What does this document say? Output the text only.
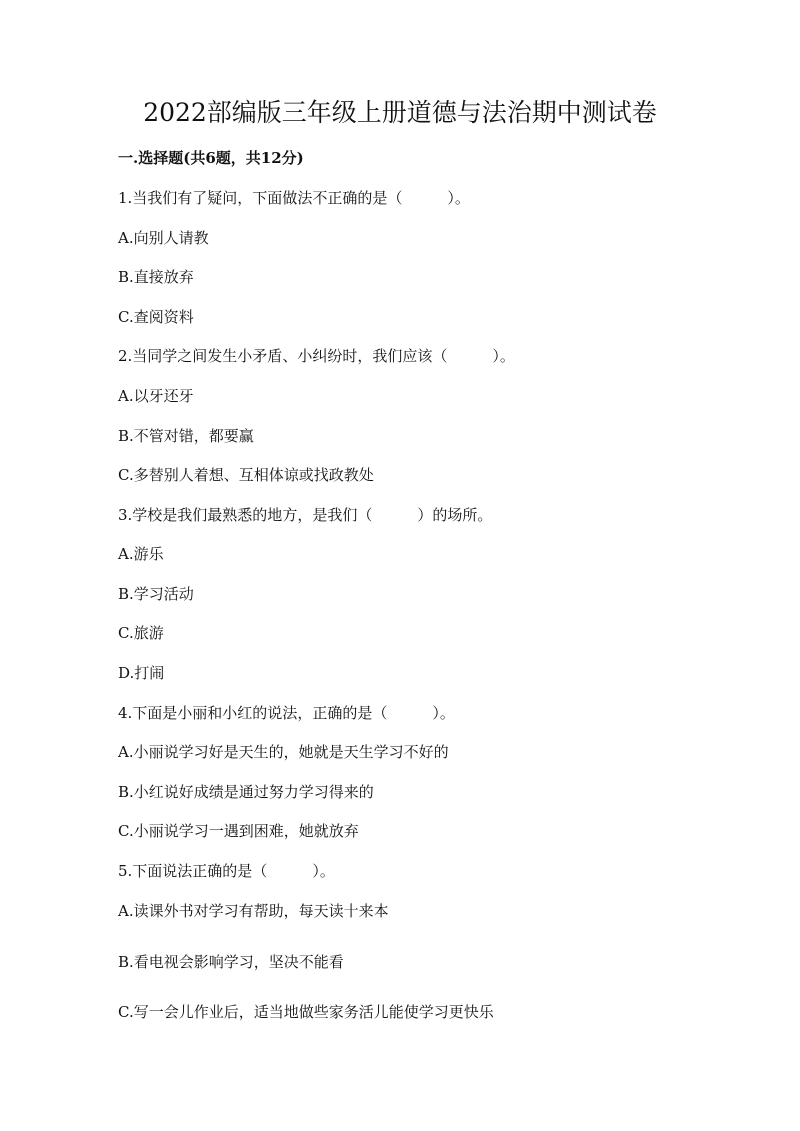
2022部编版三年级上册道德与法治期中测试卷
一.选择题(共6题，共12分)
1.当我们有了疑问，下面做法不正确的是（　　　）。
A.向别人请教
B.直接放弃
C.查阅资料
2.当同学之间发生小矛盾、小纠纷时，我们应该（　　　）。
A.以牙还牙
B.不管对错，都要赢
C.多替别人着想、互相体谅或找政教处
3.学校是我们最熟悉的地方，是我们（　　　）的场所。
A.游乐
B.学习活动
C.旅游
D.打闹
4.下面是小丽和小红的说法，正确的是（　　　）。
A.小丽说学习好是天生的，她就是天生学习不好的
B.小红说好成绩是通过努力学习得来的
C.小丽说学习一遇到困难，她就放弃
5.下面说法正确的是（　　　）。
A.读课外书对学习有帮助，每天读十来本
B.看电视会影响学习，坚决不能看
C.写一会儿作业后，适当地做些家务活儿能使学习更快乐
